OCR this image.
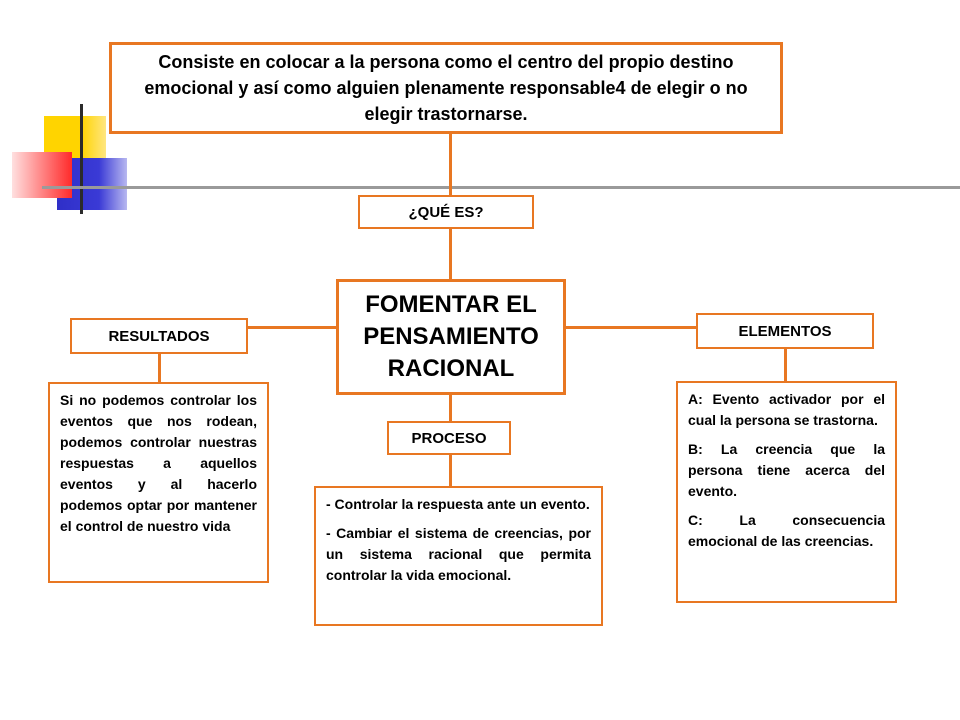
Consiste en colocar a la persona como el centro del propio destino emocional y así como alguien plenamente responsable4 de elegir o no elegir trastornarse.
¿QUÉ ES?
FOMENTAR EL PENSAMIENTO RACIONAL
RESULTADOS	ELEMENTOS
PROCESO

Si no podemos controlar los eventos que nos rodean, podemos controlar nuestras respuestas a aquellos eventos y al hacerlo podemos optar por mantener el control de nuestro vida

- Controlar la respuesta ante un evento.

- Cambiar el sistema de creencias, por un sistema racional que permita controlar la vida emocional.

A: Evento activador por el cual la persona se trastorna.

B: La creencia que la persona tiene acerca del evento.

C: La consecuencia emocional de las creencias.
